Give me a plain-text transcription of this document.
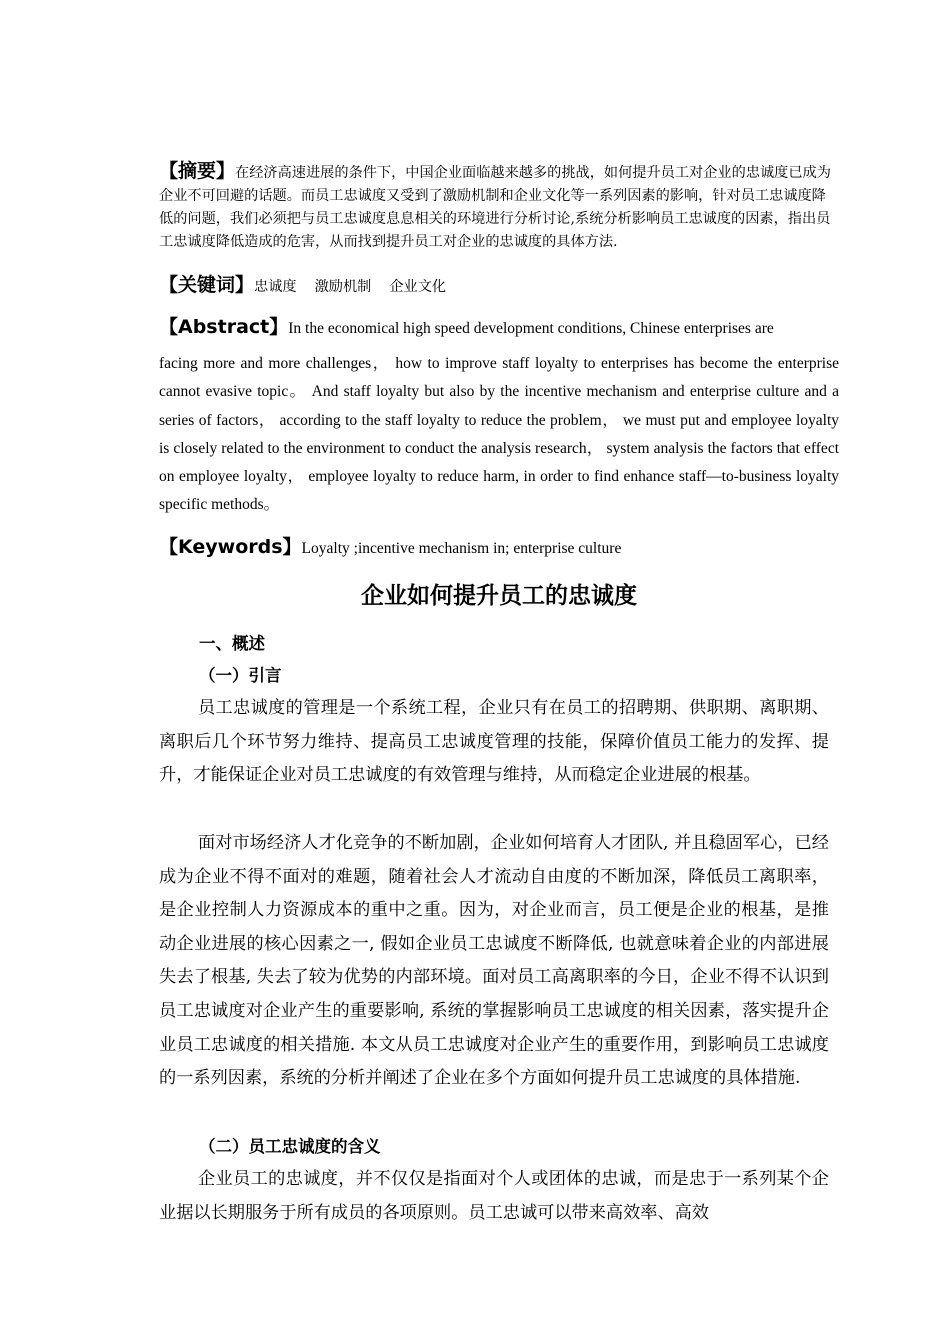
【摘要】在经济高速进展的条件下，中国企业面临越来越多的挑战，如何提升员工对企业的忠诚度已成为企业不可回避的话题。而员工忠诚度又受到了激励机制和企业文化等一系列因素的影响，针对员工忠诚度降低的问题，我们必须把与员工忠诚度息息相关的环境进行分析讨论,系统分析影响员工忠诚度的因素，指出员工忠诚度降低造成的危害，从而找到提升员工对企业的忠诚度的具体方法.
【关键词】忠诚度 激励机制 企业文化
【Abstract】In the economical high speed development conditions, Chinese enterprises are
facing more and more challenges， how to improve staff loyalty to enterprises has become the enterprise cannot evasive topic。 And staff loyalty but also by the incentive mechanism and enterprise culture and a series of factors， according to the staff loyalty to reduce the problem， we must put and employee loyalty is closely related to the environment to conduct the analysis research， system analysis the factors that effect on employee loyalty， employee loyalty to reduce harm, in order to find enhance staff—to-business loyalty specific methods。
【Keywords】Loyalty ;incentive mechanism in; enterprise culture
企业如何提升员工的忠诚度
一、概述
（一）引言
员工忠诚度的管理是一个系统工程，企业只有在员工的招聘期、供职期、离职期、离职后几个环节努力维持、提高员工忠诚度管理的技能，保障价值员工能力的发挥、提升，才能保证企业对员工忠诚度的有效管理与维持，从而稳定企业进展的根基。
面对市场经济人才化竞争的不断加剧，企业如何培育人才团队, 并且稳固军心，已经成为企业不得不面对的难题，随着社会人才流动自由度的不断加深，降低员工离职率，是企业控制人力资源成本的重中之重。因为，对企业而言，员工便是企业的根基，是推动企业进展的核心因素之一, 假如企业员工忠诚度不断降低, 也就意味着企业的内部进展失去了根基, 失去了较为优势的内部环境。面对员工高离职率的今日，企业不得不认识到员工忠诚度对企业产生的重要影响, 系统的掌握影响员工忠诚度的相关因素，落实提升企业员工忠诚度的相关措施. 本文从员工忠诚度对企业产生的重要作用，到影响员工忠诚度的一系列因素，系统的分析并阐述了企业在多个方面如何提升员工忠诚度的具体措施.
（二）员工忠诚度的含义
企业员工的忠诚度，并不仅仅是指面对个人或团体的忠诚，而是忠于一系列某个企业据以长期服务于所有成员的各项原则。员工忠诚可以带来高效率、高效
